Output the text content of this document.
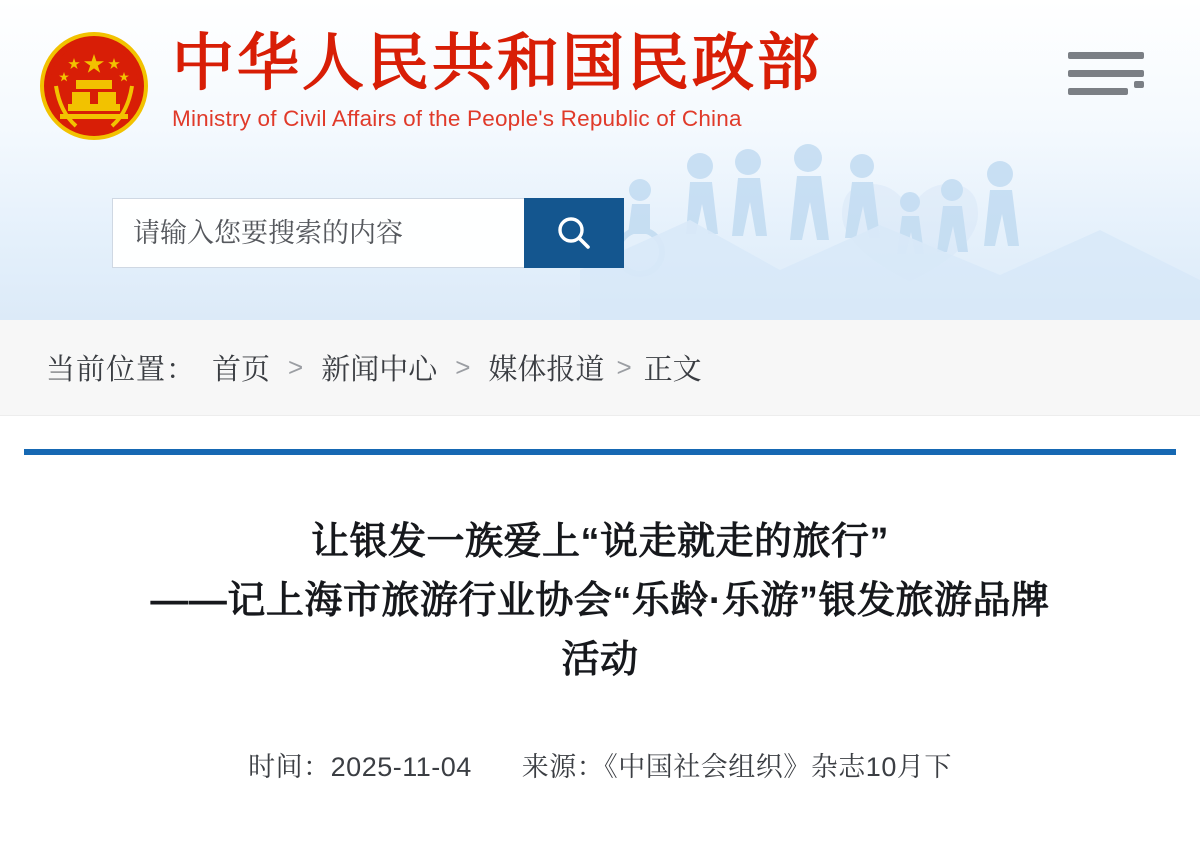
中华人民共和国民政部
Ministry of Civil Affairs of the People's Republic of China
请输入您要搜索的内容
当前位置： 首页 > 新闻中心 > 媒体报道 > 正文
让银发一族爱上“说走就走的旅行”
——记上海市旅游行业协会“乐龄·乐游”银发旅游品牌
活动
时间：2025-11-04 来源：《中国社会组织》杂志10月下
